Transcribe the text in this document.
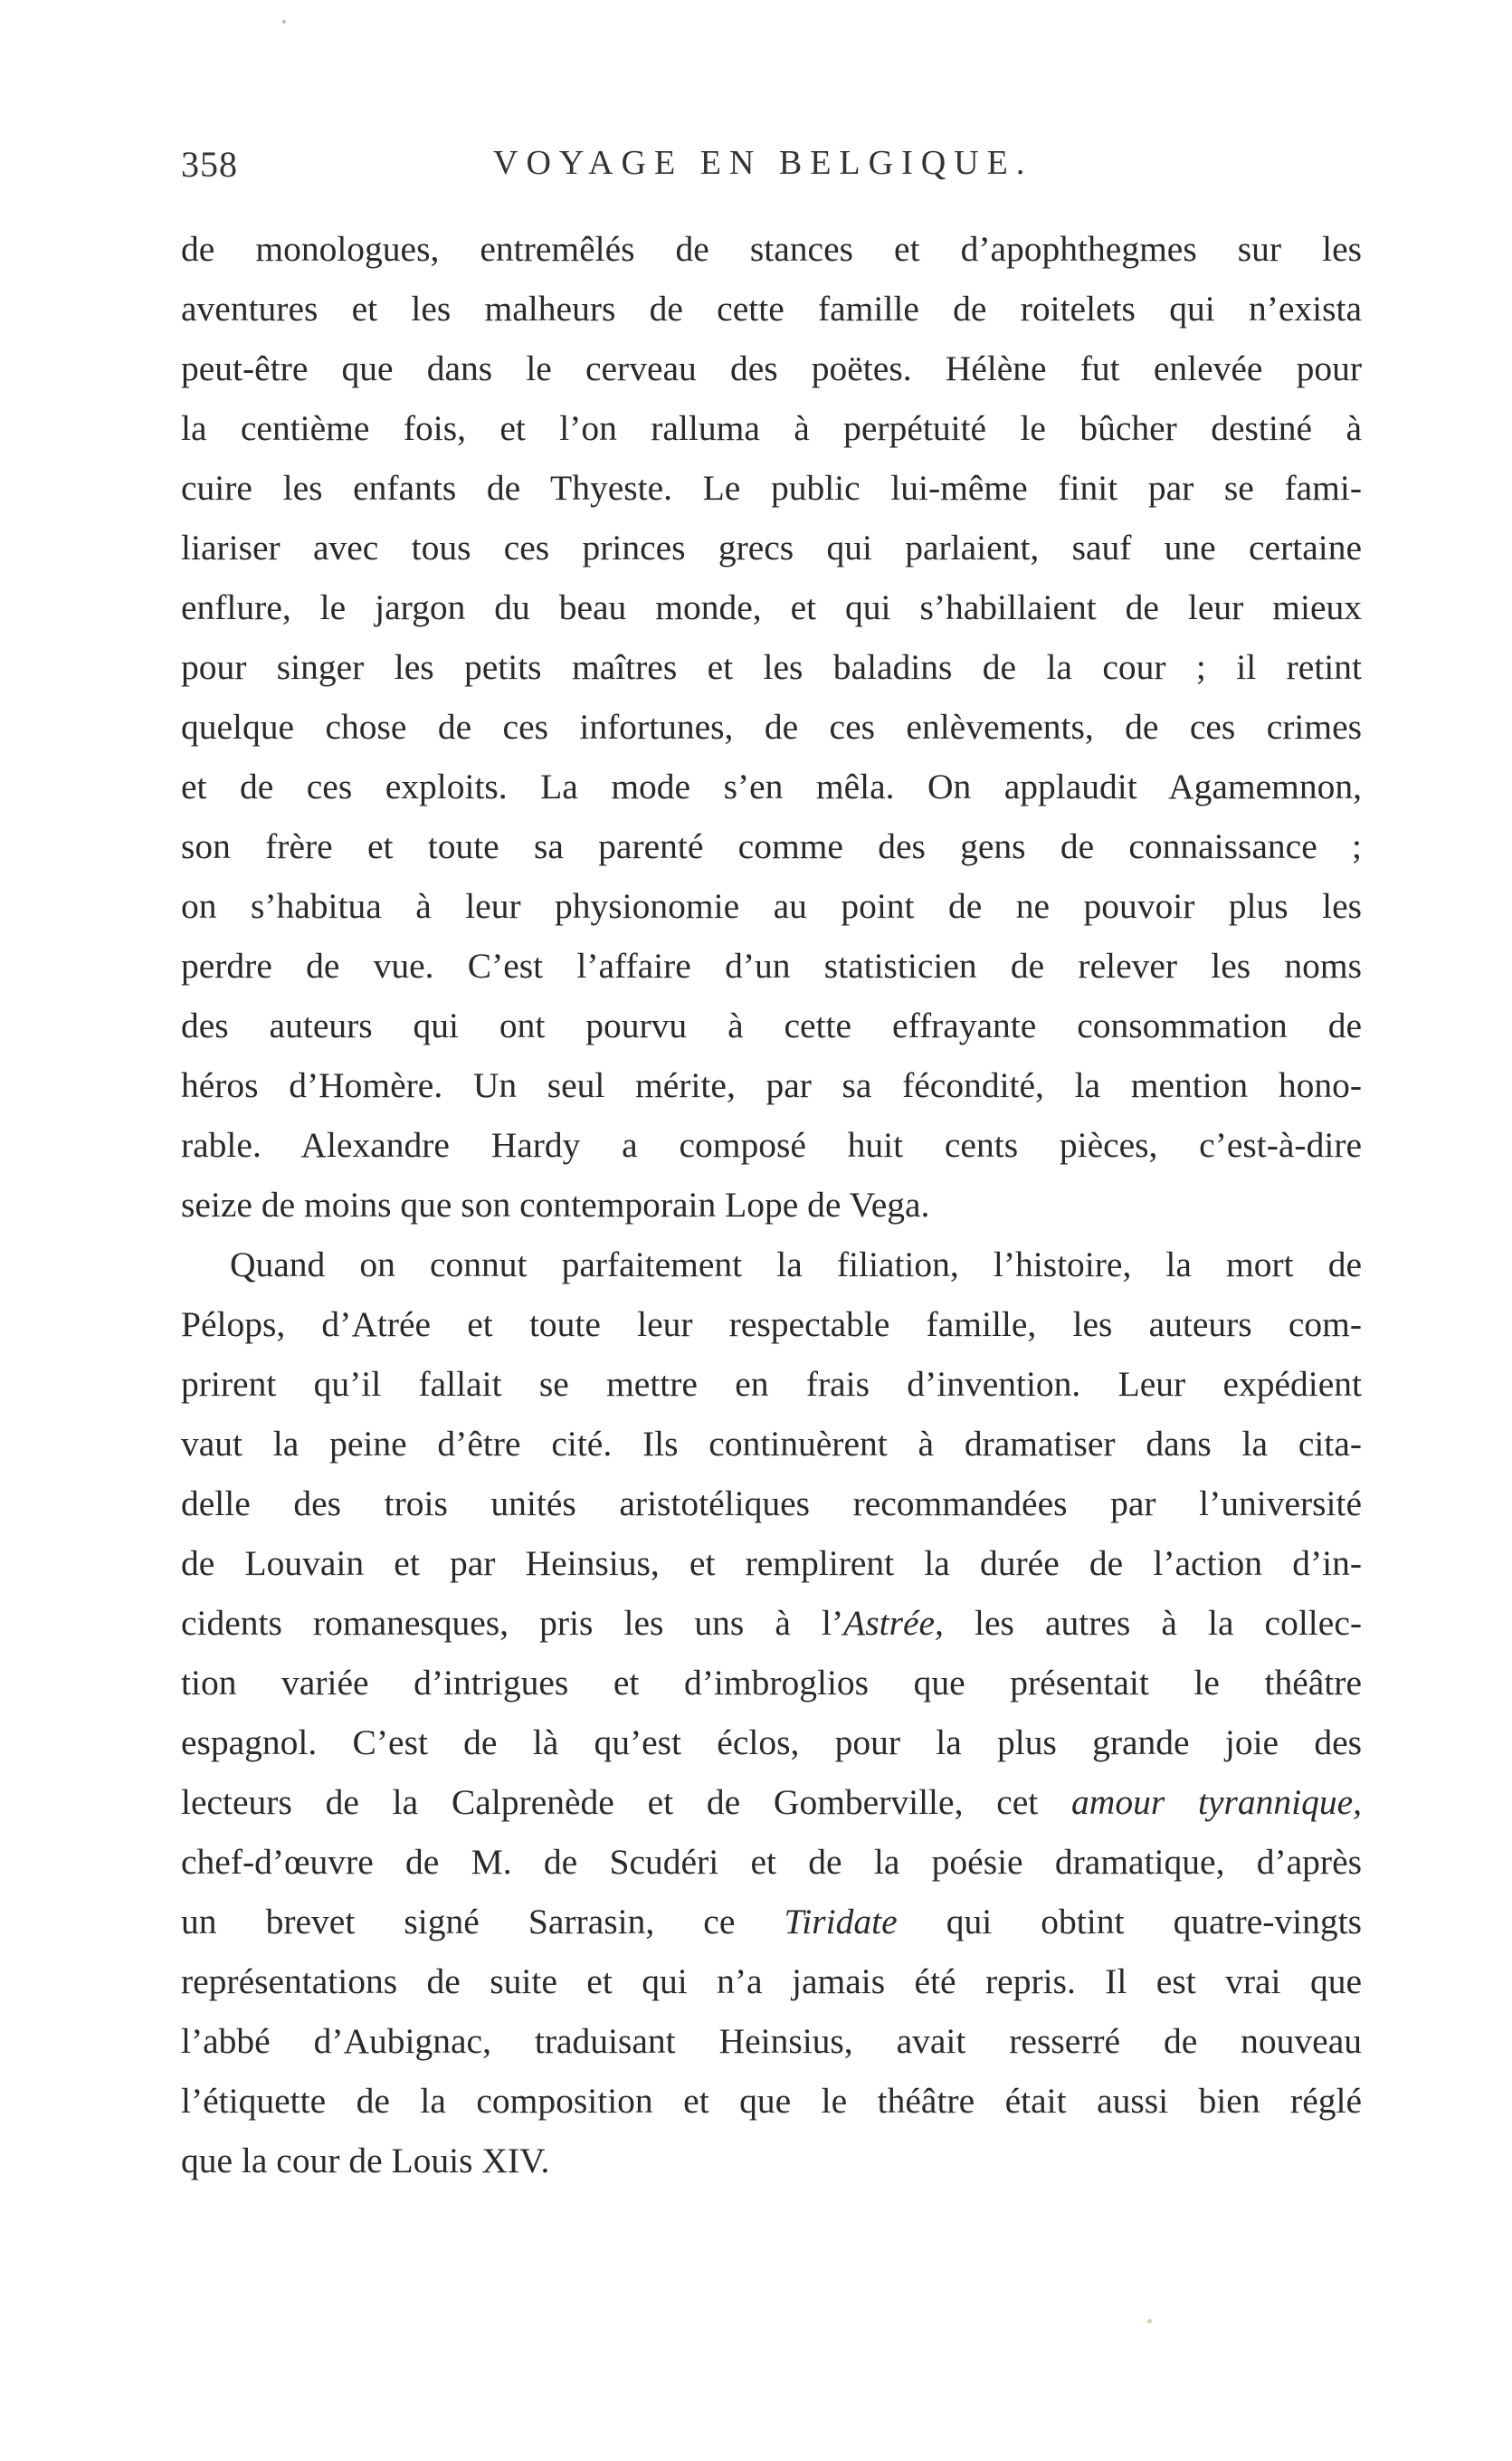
358	VOYAGE EN BELGIQUE.
de monologues, entremêlés de stances et d’apophthegmes sur les
aventures et les malheurs de cette famille de roitelets qui n’exista
peut-être que dans le cerveau des poëtes. Hélène fut enlevée pour
la centième fois, et l’on ralluma à perpétuité le bûcher destiné à
cuire les enfants de Thyeste. Le public lui-même finit par se fami-
liariser avec tous ces princes grecs qui parlaient, sauf une certaine
enflure, le jargon du beau monde, et qui s’habillaient de leur mieux
pour singer les petits maîtres et les baladins de la cour ; il retint
quelque chose de ces infortunes, de ces enlèvements, de ces crimes
et de ces exploits. La mode s’en mêla. On applaudit Agamemnon,
son frère et toute sa parenté comme des gens de connaissance ;
on s’habitua à leur physionomie au point de ne pouvoir plus les
perdre de vue. C’est l’affaire d’un statisticien de relever les noms
des auteurs qui ont pourvu à cette effrayante consommation de
héros d’Homère. Un seul mérite, par sa fécondité, la mention hono-
rable. Alexandre Hardy a composé huit cents pièces, c’est-à-dire
seize de moins que son contemporain Lope de Vega.
Quand on connut parfaitement la filiation, l’histoire, la mort de
Pélops, d’Atrée et toute leur respectable famille, les auteurs com-
prirent qu’il fallait se mettre en frais d’invention. Leur expédient
vaut la peine d’être cité. Ils continuèrent à dramatiser dans la cita-
delle des trois unités aristotéliques recommandées par l’université
de Louvain et par Heinsius, et remplirent la durée de l’action d’in-
cidents romanesques, pris les uns à l’Astrée, les autres à la collec-
tion variée d’intrigues et d’imbroglios que présentait le théâtre
espagnol. C’est de là qu’est éclos, pour la plus grande joie des
lecteurs de la Calprenède et de Gomberville, cet amour tyrannique,
chef-d’œuvre de M. de Scudéri et de la poésie dramatique, d’après
un brevet signé Sarrasin, ce Tiridate qui obtint quatre-vingts
représentations de suite et qui n’a jamais été repris. Il est vrai que
l’abbé d’Aubignac, traduisant Heinsius, avait resserré de nouveau
l’étiquette de la composition et que le théâtre était aussi bien réglé
que la cour de Louis XIV.
